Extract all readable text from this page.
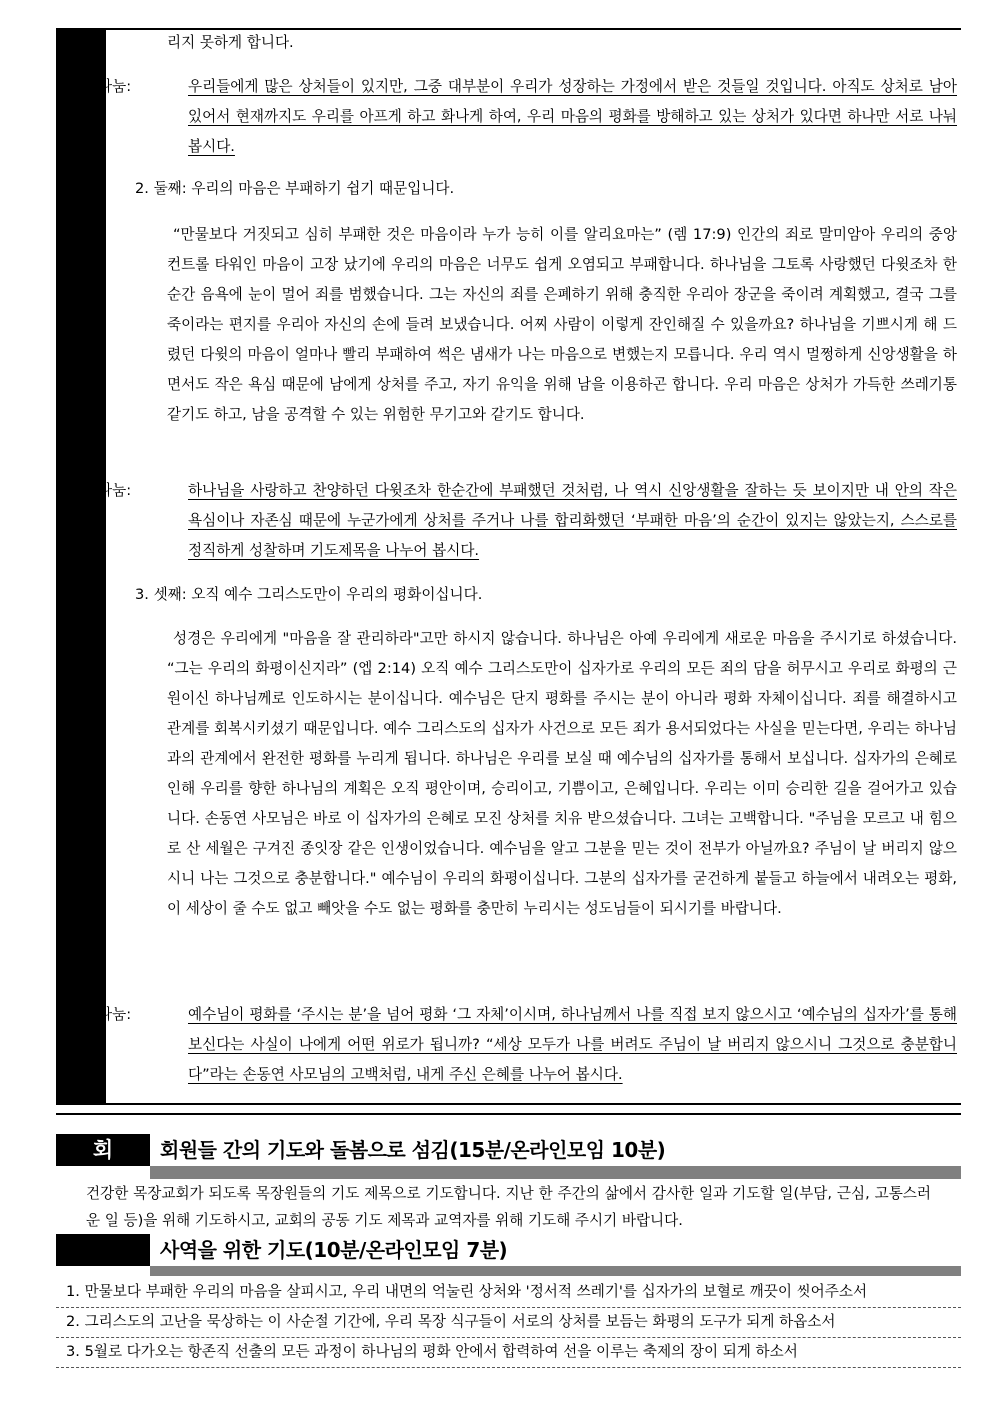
리지 못하게 합니다.

나눔:	우리들에게 많은 상처들이 있지만, 그중 대부분이 우리가 성장하는 가정에서 받은 것들일 것입니다. 아직도 상처로 남아 있어서 현재까지도 우리를 아프게 하고 화나게 하여, 우리 마음의 평화를 방해하고 있는 상처가 있다면 하나만 서로 나눠 봅시다.

2. 둘째: 우리의 마음은 부패하기 쉽기 때문입니다.

“만물보다 거짓되고 심히 부패한 것은 마음이라 누가 능히 이를 알리요마는” (렘 17:9) 인간의 죄로 말미암아 우리의 중앙 컨트롤 타워인 마음이 고장 났기에 우리의 마음은 너무도 쉽게 오염되고 부패합니다. 하나님을 그토록 사랑했던 다윗조차 한순간 음욕에 눈이 멀어 죄를 범했습니다. 그는 자신의 죄를 은폐하기 위해 충직한 우리아 장군을 죽이려 계획했고, 결국 그를 죽이라는 편지를 우리아 자신의 손에 들려 보냈습니다. 어찌 사람이 이렇게 잔인해질 수 있을까요? 하나님을 기쁘시게 해 드렸던 다윗의 마음이 얼마나 빨리 부패하여 썩은 냄새가 나는 마음으로 변했는지 모릅니다. 우리 역시 멀쩡하게 신앙생활을 하면서도 작은 욕심 때문에 남에게 상처를 주고, 자기 유익을 위해 남을 이용하곤 합니다. 우리 마음은 상처가 가득한 쓰레기통 같기도 하고, 남을 공격할 수 있는 위험한 무기고와 같기도 합니다.

나눔:	하나님을 사랑하고 찬양하던 다윗조차 한순간에 부패했던 것처럼, 나 역시 신앙생활을 잘하는 듯 보이지만 내 안의 작은 욕심이나 자존심 때문에 누군가에게 상처를 주거나 나를 합리화했던 ‘부패한 마음’의 순간이 있지는 않았는지, 스스로를 정직하게 성찰하며 기도제목을 나누어 봅시다.

3. 셋째: 오직 예수 그리스도만이 우리의 평화이십니다.

성경은 우리에게 "마음을 잘 관리하라"고만 하시지 않습니다. 하나님은 아예 우리에게 새로운 마음을 주시기로 하셨습니다. “그는 우리의 화평이신지라” (엡 2:14) 오직 예수 그리스도만이 십자가로 우리의 모든 죄의 담을 허무시고 우리로 화평의 근원이신 하나님께로 인도하시는 분이십니다. 예수님은 단지 평화를 주시는 분이 아니라 평화 자체이십니다. 죄를 해결하시고 관계를 회복시키셨기 때문입니다. 예수 그리스도의 십자가 사건으로 모든 죄가 용서되었다는 사실을 믿는다면, 우리는 하나님과의 관계에서 완전한 평화를 누리게 됩니다. 하나님은 우리를 보실 때 예수님의 십자가를 통해서 보십니다. 십자가의 은혜로 인해 우리를 향한 하나님의 계획은 오직 평안이며, 승리이고, 기쁨이고, 은혜입니다. 우리는 이미 승리한 길을 걸어가고 있습니다. 손동연 사모님은 바로 이 십자가의 은혜로 모진 상처를 치유 받으셨습니다. 그녀는 고백합니다. "주님을 모르고 내 힘으로 산 세월은 구겨진 종잇장 같은 인생이었습니다. 예수님을 알고 그분을 믿는 것이 전부가 아닐까요? 주님이 날 버리지 않으시니 나는 그것으로 충분합니다." 예수님이 우리의 화평이십니다. 그분의 십자가를 굳건하게 붙들고 하늘에서 내려오는 평화, 이 세상이 줄 수도 없고 빼앗을 수도 없는 평화를 충만히 누리시는 성도님들이 되시기를 바랍니다.

나눔:	예수님이 평화를 ‘주시는 분’을 넘어 평화 ‘그 자체’이시며, 하나님께서 나를 직접 보지 않으시고 ‘예수님의 십자가’를 통해 보신다는 사실이 나에게 어떤 위로가 됩니까? “세상 모두가 나를 버려도 주님이 날 버리지 않으시니 그것으로 충분합니다”라는 손동연 사모님의 고백처럼, 내게 주신 은혜를 나누어 봅시다.

회	회원들 간의 기도와 돌봄으로 섬김(15분/온라인모임 10분)

건강한 목장교회가 되도록 목장원들의 기도 제목으로 기도합니다. 지난 한 주간의 삶에서 감사한 일과 기도할 일(부담, 근심, 고통스러운 일 등)을 위해 기도하시고, 교회의 공동 기도 제목과 교역자를 위해 기도해 주시기 바랍니다.

사역을 위한 기도(10분/온라인모임 7분)
1. 만물보다 부패한 우리의 마음을 살피시고, 우리 내면의 억눌린 상처와 '정서적 쓰레기'를 십자가의 보혈로 깨끗이 씻어주소서
2. 그리스도의 고난을 묵상하는 이 사순절 기간에, 우리 목장 식구들이 서로의 상처를 보듬는 화평의 도구가 되게 하옵소서
3. 5월로 다가오는 항존직 선출의 모든 과정이 하나님의 평화 안에서 합력하여 선을 이루는 축제의 장이 되게 하소서
